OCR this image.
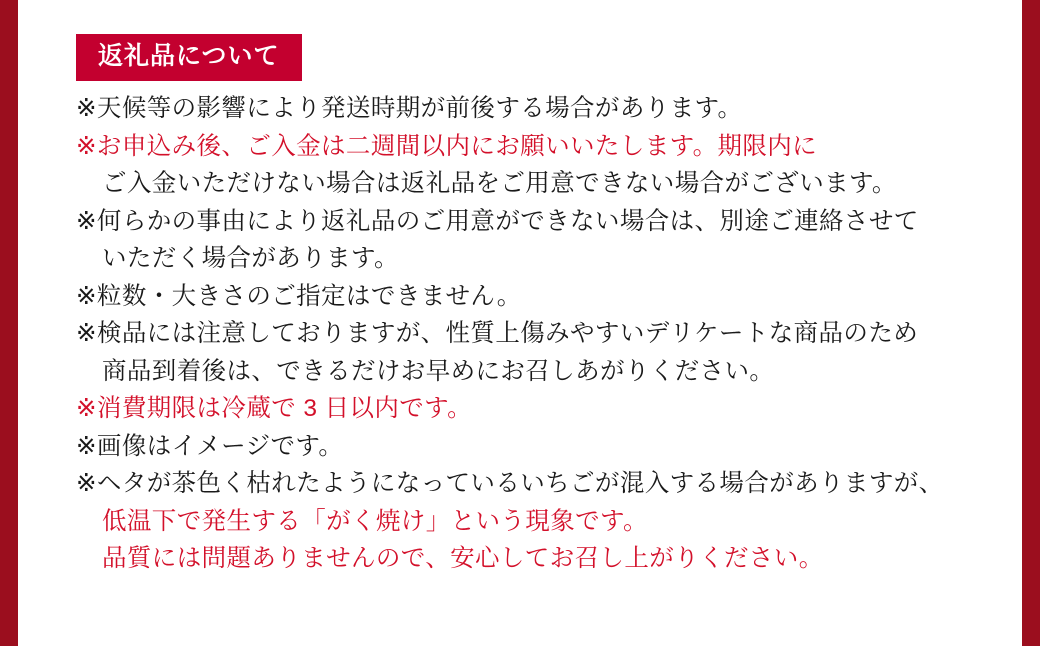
返礼品について

※天候等の影響により発送時期が前後する場合があります。

※お申込み後、ご入金は二週間以内にお願いいたします。期限内に

ご入金いただけない場合は返礼品をご用意できない場合がございます。

※何らかの事由により返礼品のご用意ができない場合は、別途ご連絡させて

いただく場合があります。

※粒数・大きさのご指定はできません。

※検品には注意しておりますが、性質上傷みやすいデリケートな商品のため

商品到着後は、できるだけお早めにお召しあがりください。

※消費期限は冷蔵で 3 日以内です。

※画像はイメージです。

※ヘタが茶色く枯れたようになっているいちごが混入する場合がありますが、

低温下で発生する「がく焼け」という現象です。

品質には問題ありませんので、安心してお召し上がりください。
